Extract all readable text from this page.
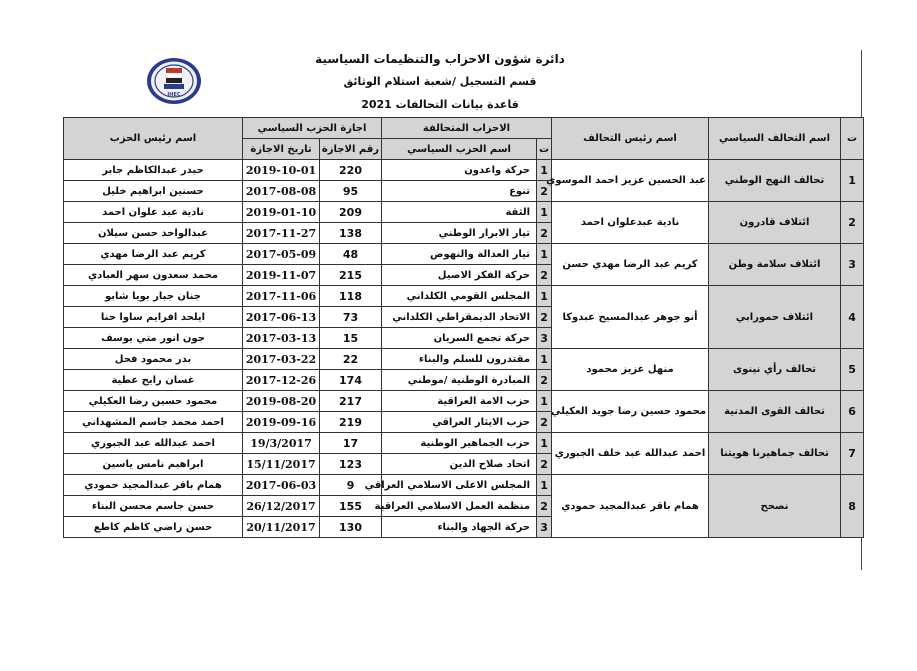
دائرة شؤون الاحزاب والتنظيمات السياسية
قسم التسجيل /شعبة استلام الوثائق
قاعدة بيانات التحالفات 2021
IHEC
ت	اسم التحالف السياسي	اسم رئيس التحالف	الاحزاب المتحالفة		اجازة الحزب السياسي		اسم رئيس الحزب
			ت	اسم الحزب السياسي	رقم الاجازة	تاريخ الاجازة	
1	تحالف النهج الوطني	عبد الحسين عزيز احمد الموسوي	1	حركة واعدون	220	2019-10-01	حيدر عبدالكاظم جابر
			2	تنوع	95	2017-08-08	حسنين ابراهيم خليل
2	ائتلاف قادرون	نادية عبدعلوان احمد	1	الثقة	209	2019-01-10	نادية عبد علوان احمد
			2	تيار الابرار الوطني	138	2017-11-27	عبدالواحد حسن سيلان
3	ائتلاف سلامة وطن	كريم عبد الرضا مهدي حسن	1	تيار العدالة والنهوض	48	2017-05-09	كريم عبد الرضا مهدي
			2	حركة الفكر الاصيل	215	2019-11-07	محمد سعدون سهر العبادي
4	ائتلاف حمورابي	أنو جوهر عبدالمسيح عبدوكا	1	المجلس القومي الكلداني	118	2017-11-06	جنان جبار بويا شابو
			2	الاتحاد الديمقراطي الكلداني	73	2017-06-13	ايلحد افرايم ساوا حنا
			3	حركة تجمع السريان	15	2017-03-13	جون انور متي يوسف
5	تحالف رأي نينوى	منهل عزيز محمود	1	مقتدرون للسلم والبناء	22	2017-03-22	بدر محمود فحل
			2	المبادرة الوطنية /موطني	174	2017-12-26	غسان رايح عطية
6	تحالف القوى المدنية	محمود حسين رضا جويد العكيلي	1	حزب الامة العراقية	217	2019-08-20	محمود حسين رضا العكيلي
			2	حزب الايثار العراقي	219	2019-09-16	احمد محمد جاسم المشهداني
7	تحالف جماهيرنا هويتنا	احمد عبدالله عبد خلف الجبوري	1	حزب الجماهير الوطنية	17	19/3/2017	احمد عبدالله عبد الجبوري
			2	اتحاد صلاح الدين	123	15/11/2017	ابراهيم نامس ياسين
8	نصحح	همام باقر عبدالمجيد حمودي	1	المجلس الاعلى الاسلامي العراقي	9	2017-06-03	همام باقر عبدالمجيد حمودي
			2	منظمة العمل الاسلامي العراقية	155	26/12/2017	حسن جاسم محسن البناء
			3	حركة الجهاد والبناء	130	20/11/2017	حسن راضي كاظم كاطع
